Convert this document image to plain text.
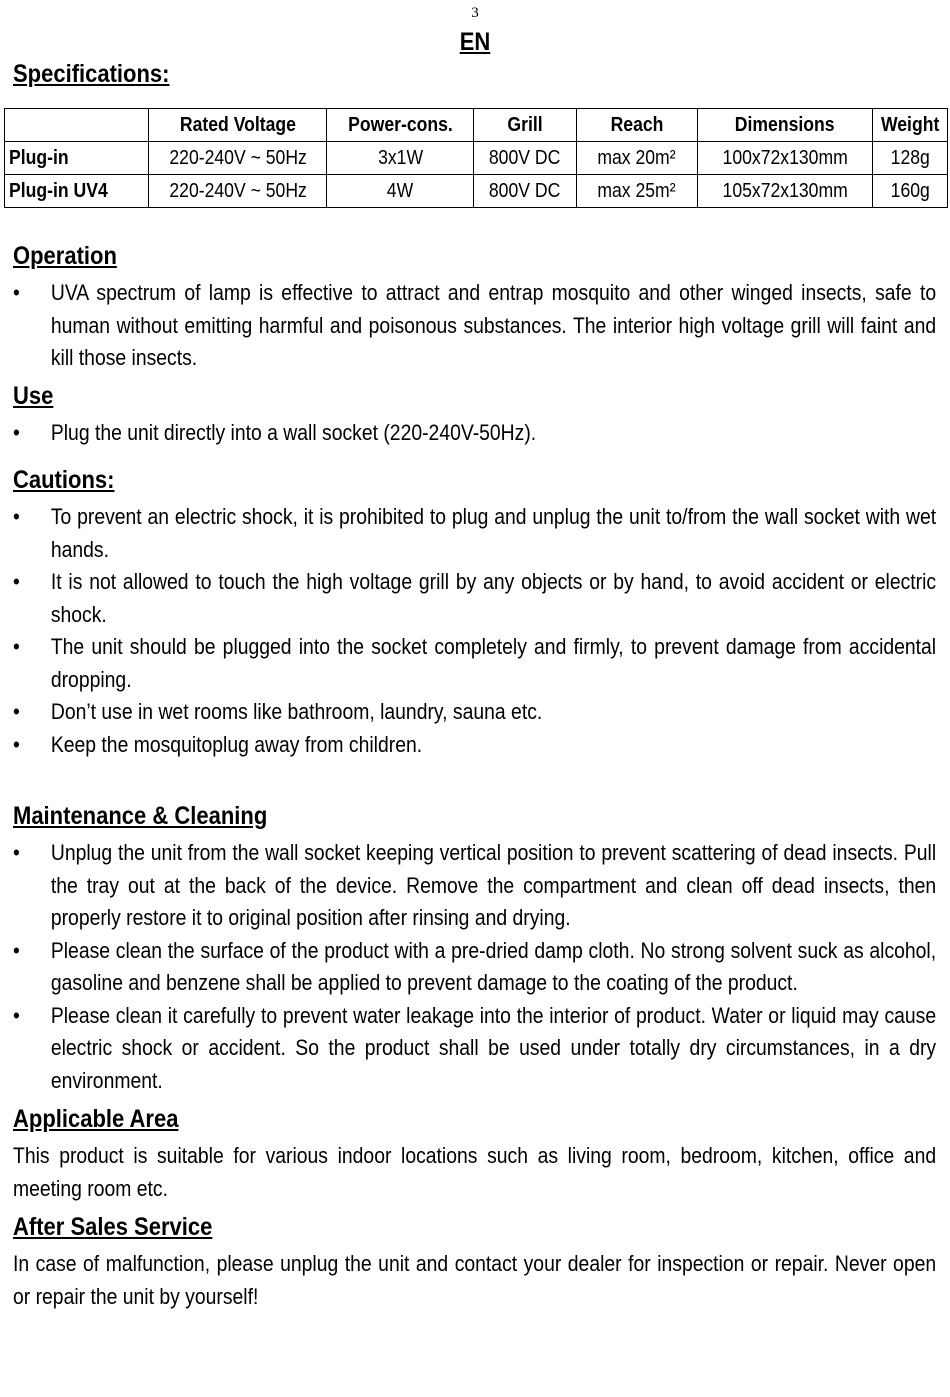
3
EN
Specifications:
	Rated Voltage	Power-cons.	Grill	Reach	Dimensions	Weight
Plug-in	220-240V ~ 50Hz	3x1W	800V DC	max 20m²	100x72x130mm	128g
Plug-in UV4	220-240V ~ 50Hz	4W	800V DC	max 25m²	105x72x130mm	160g
Operation
• UVA spectrum of lamp is effective to attract and entrap mosquito and other winged insects, safe to human without emitting harmful and poisonous substances. The interior high voltage grill will faint and kill those insects.
Use
• Plug the unit directly into a wall socket (220-240V-50Hz).
Cautions:
• To prevent an electric shock, it is prohibited to plug and unplug the unit to/from the wall socket with wet hands.
• It is not allowed to touch the high voltage grill by any objects or by hand, to avoid accident or electric shock.
• The unit should be plugged into the socket completely and firmly, to prevent damage from accidental dropping.
• Don’t use in wet rooms like bathroom, laundry, sauna etc.
• Keep the mosquitoplug away from children.
Maintenance & Cleaning
• Unplug the unit from the wall socket keeping vertical position to prevent scattering of dead insects. Pull the tray out at the back of the device. Remove the compartment and clean off dead insects, then properly restore it to original position after rinsing and drying.
• Please clean the surface of the product with a pre-dried damp cloth. No strong solvent suck as alcohol, gasoline and benzene shall be applied to prevent damage to the coating of the product.
• Please clean it carefully to prevent water leakage into the interior of product. Water or liquid may cause electric shock or accident. So the product shall be used under totally dry circumstances, in a dry environment.
Applicable Area

This product is suitable for various indoor locations such as living room, bedroom, kitchen, office and meeting room etc.

After Sales Service

In case of malfunction, please unplug the unit and contact your dealer for inspection or repair. Never open or repair the unit by yourself!
